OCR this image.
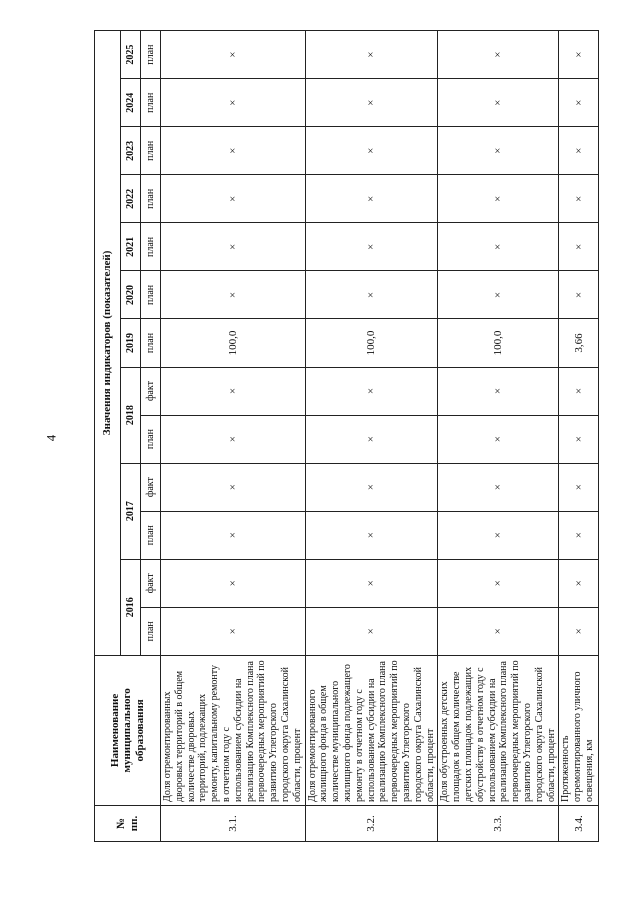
4
№ пп.	Наименование муниципального образования	Значения индикаторов (показателей)												
		2016		2017		2018		2019	2020	2021	2022	2023	2024	2025
		план	факт	план	факт	план	факт	план	план	план	план	план	план	план
3.1.	Доля отремонтированных дворовых территорий в общем количестве дворовых территорий, подлежащих ремонту, капитальному ремонту в отчетном году с использованием субсидии на реализацию Комплексного плана первоочередных мероприятий по развитию Углегорского городского округа Сахалинской области, процент	×	×	×	×	×	×	100,0	×	×	×	×	×	×
3.2.	Доля отремонтированного жилищного фонда в общем количестве муниципального жилищного фонда подлежащего ремонту в отчетном году с использованием субсидии на реализацию Комплексного плана первоочередных мероприятий по развитию Углегорского городского округа Сахалинской области, процент	×	×	×	×	×	×	100,0	×	×	×	×	×	×
3.3.	Доля обустроенных детских площадок в общем количестве детских площадок подлежащих обустройству в отчетном году с использованием субсидии на реализацию Комплексного плана первоочередных мероприятий по развитию Углегорского городского округа Сахалинской области, процент	×	×	×	×	×	×	100,0	×	×	×	×	×	×
3.4.	Протяженность отремонтированного уличного освещения, км	×	×	×	×	×	×	3,66	×	×	×	×	×	×
